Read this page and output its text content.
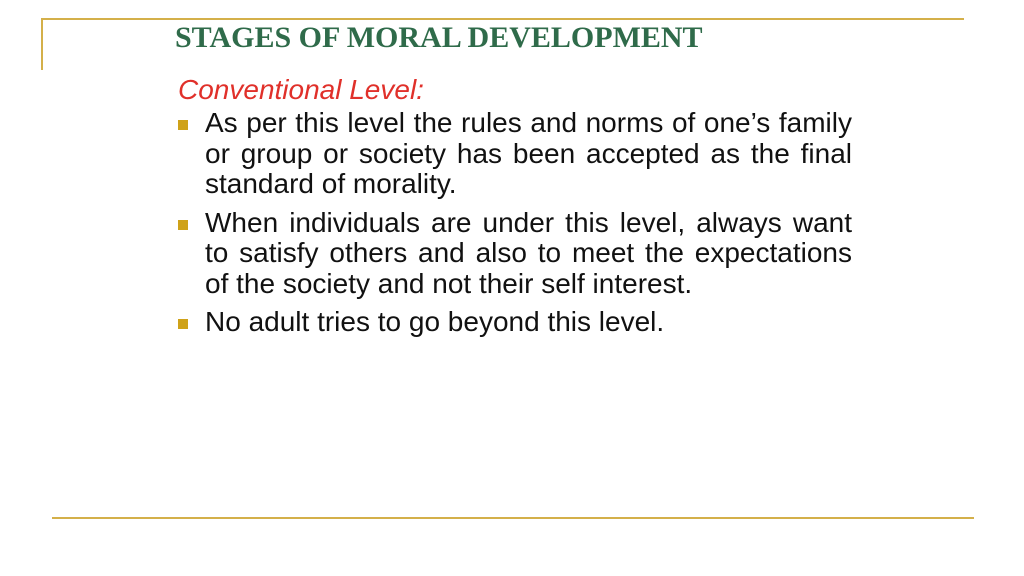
STAGES OF MORAL DEVELOPMENT
Conventional Level:
As per this level the rules and norms of one’s family or group or society has been accepted as the final standard of morality.
When individuals are under this level, always want to satisfy others and also to meet the expectations of the society and not their self interest.
No adult tries to go beyond this level.
